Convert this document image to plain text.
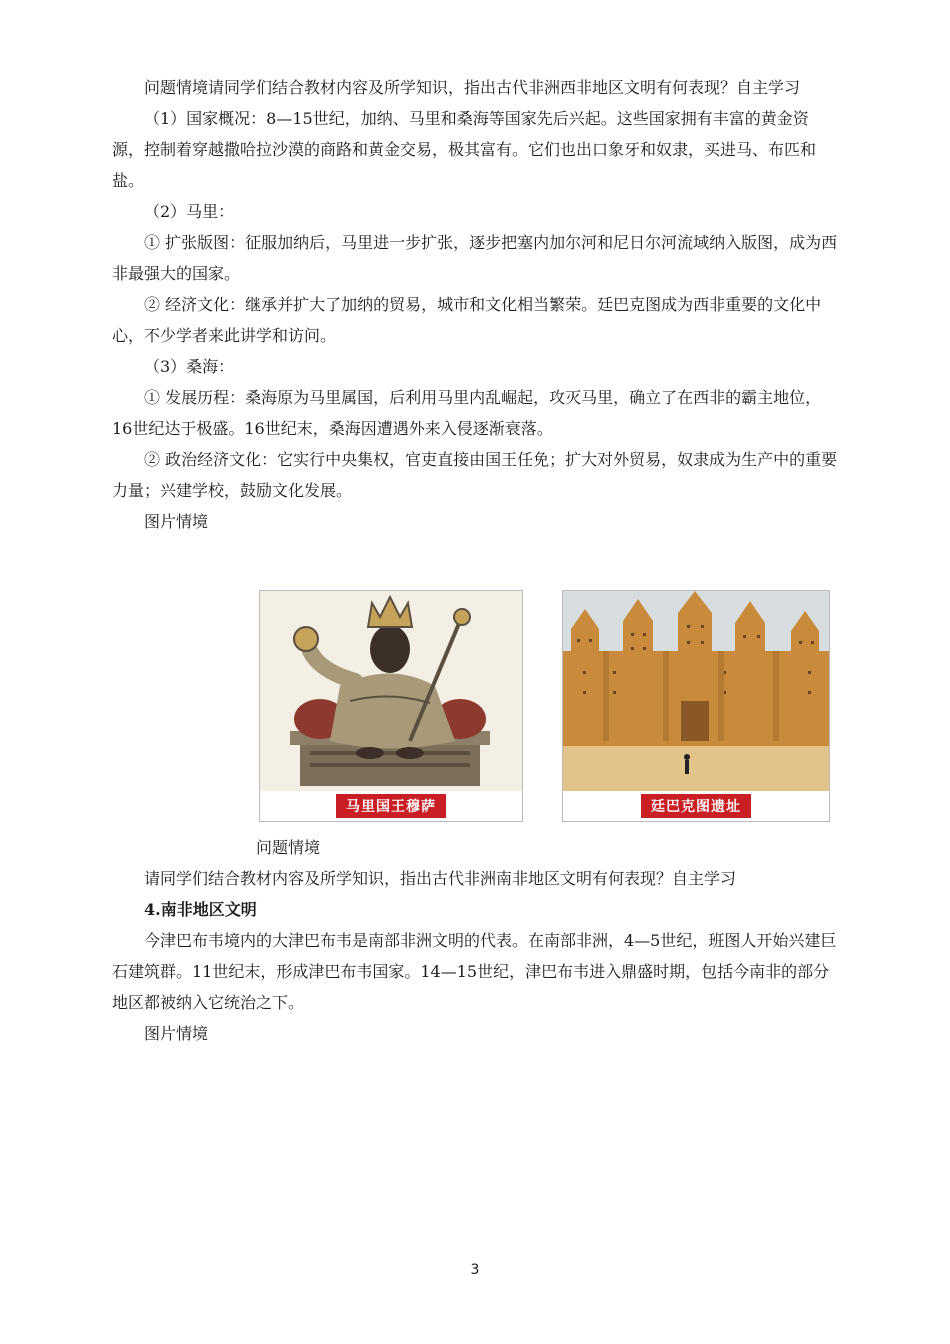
问题情境请同学们结合教材内容及所学知识，指出古代非洲西非地区文明有何表现？自主学习

（1）国家概况：8—15世纪，加纳、马里和桑海等国家先后兴起。这些国家拥有丰富的黄金资源，控制着穿越撒哈拉沙漠的商路和黄金交易，极其富有。它们也出口象牙和奴隶，买进马、布匹和盐。

（2）马里：

① 扩张版图：征服加纳后，马里进一步扩张，逐步把塞内加尔河和尼日尔河流域纳入版图，成为西非最强大的国家。

② 经济文化：继承并扩大了加纳的贸易，城市和文化相当繁荣。廷巴克图成为西非重要的文化中心，不少学者来此讲学和访问。

（3）桑海：

① 发展历程：桑海原为马里属国，后利用马里内乱崛起，攻灭马里，确立了在西非的霸主地位，16世纪达于极盛。16世纪末，桑海因遭遇外来入侵逐渐衰落。

② 政治经济文化：它实行中央集权，官吏直接由国王任免；扩大对外贸易，奴隶成为生产中的重要力量；兴建学校，鼓励文化发展。

图片情境

马里国王穆萨	廷巴克图遗址

问题情境

请同学们结合教材内容及所学知识，指出古代非洲南非地区文明有何表现？自主学习

4.南非地区文明

今津巴布韦境内的大津巴布韦是南部非洲文明的代表。在南部非洲，4—5世纪，班图人开始兴建巨石建筑群。11世纪末，形成津巴布韦国家。14—15世纪，津巴布韦进入鼎盛时期，包括今南非的部分地区都被纳入它统治之下。

图片情境

3
